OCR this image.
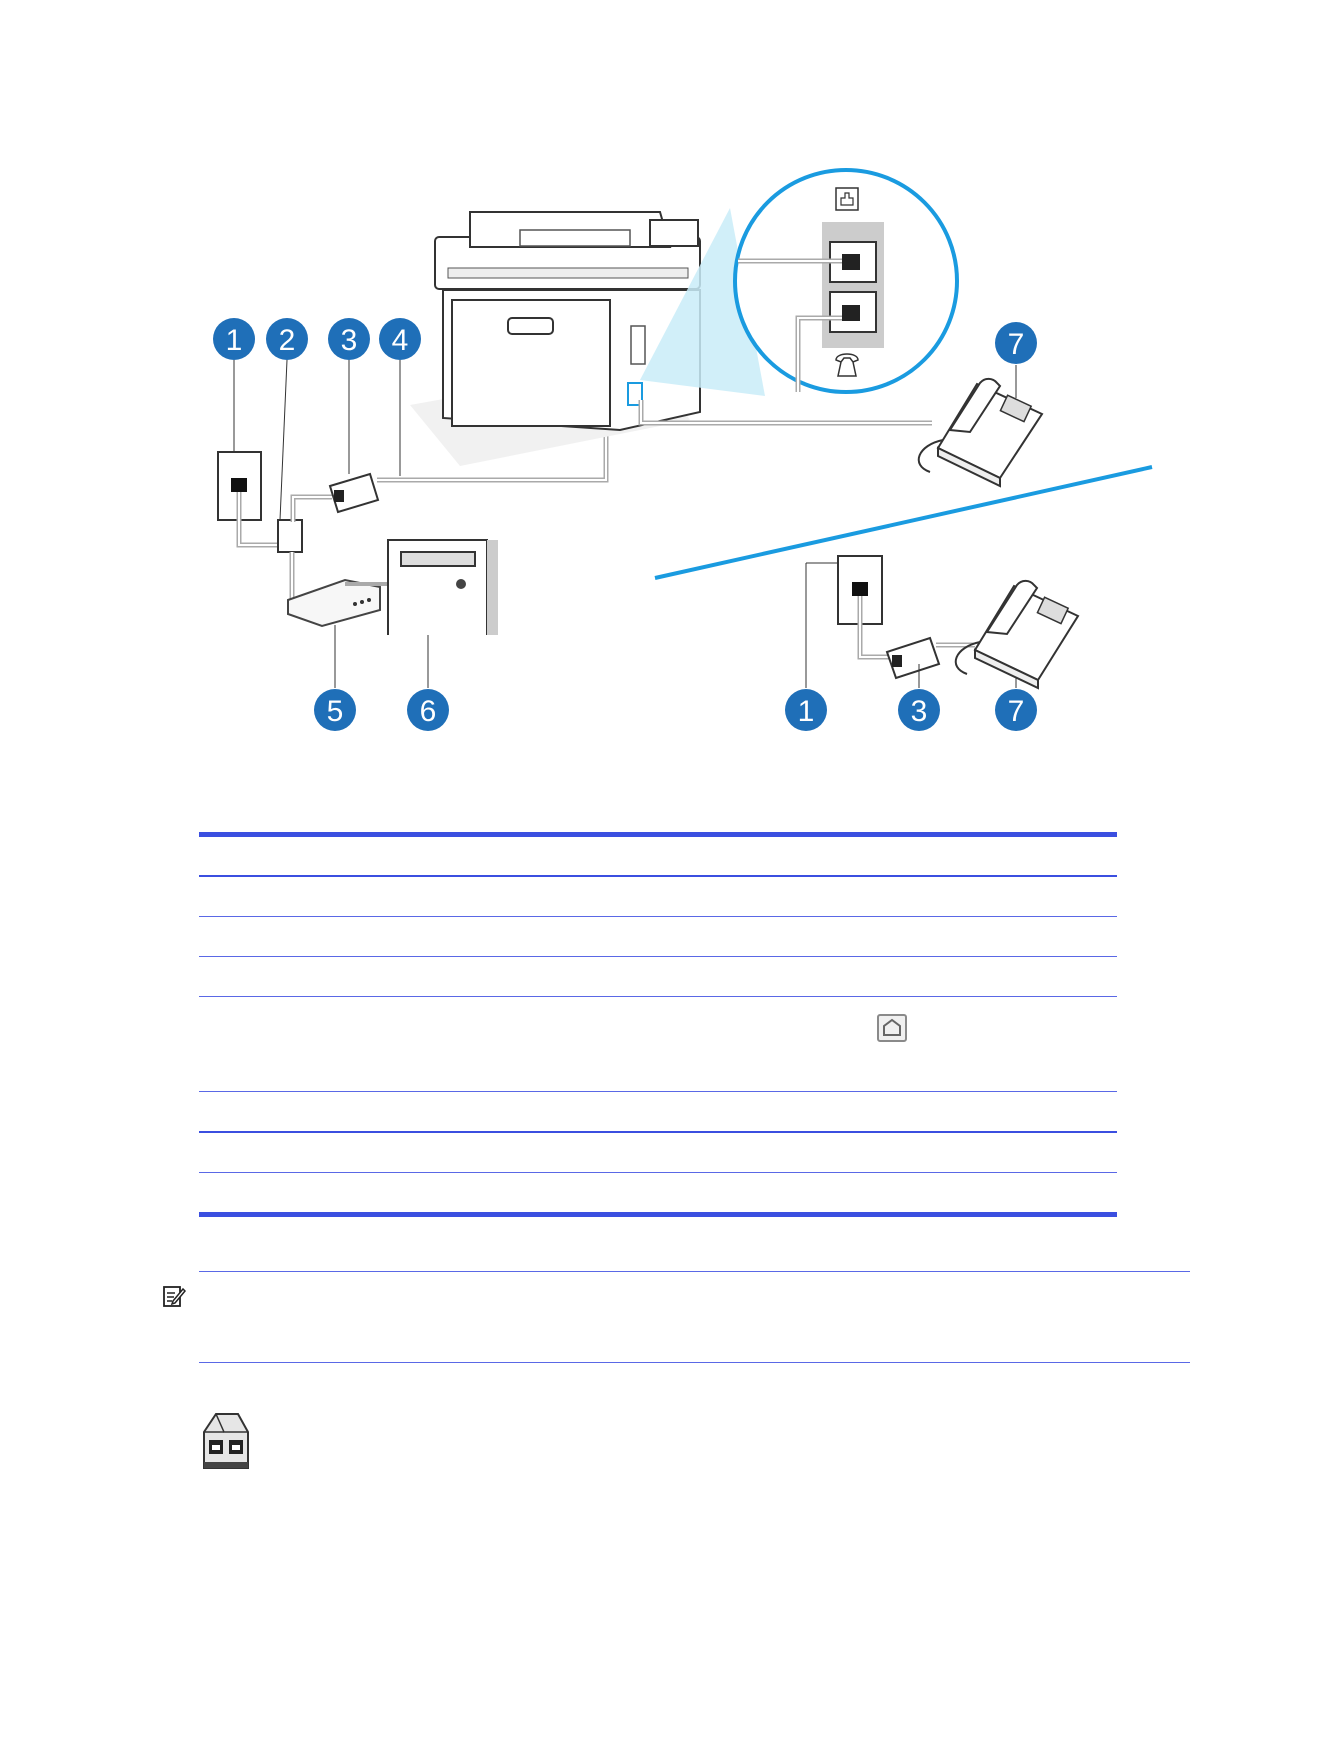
1 2 3 4
5	6
7
1	3	7
